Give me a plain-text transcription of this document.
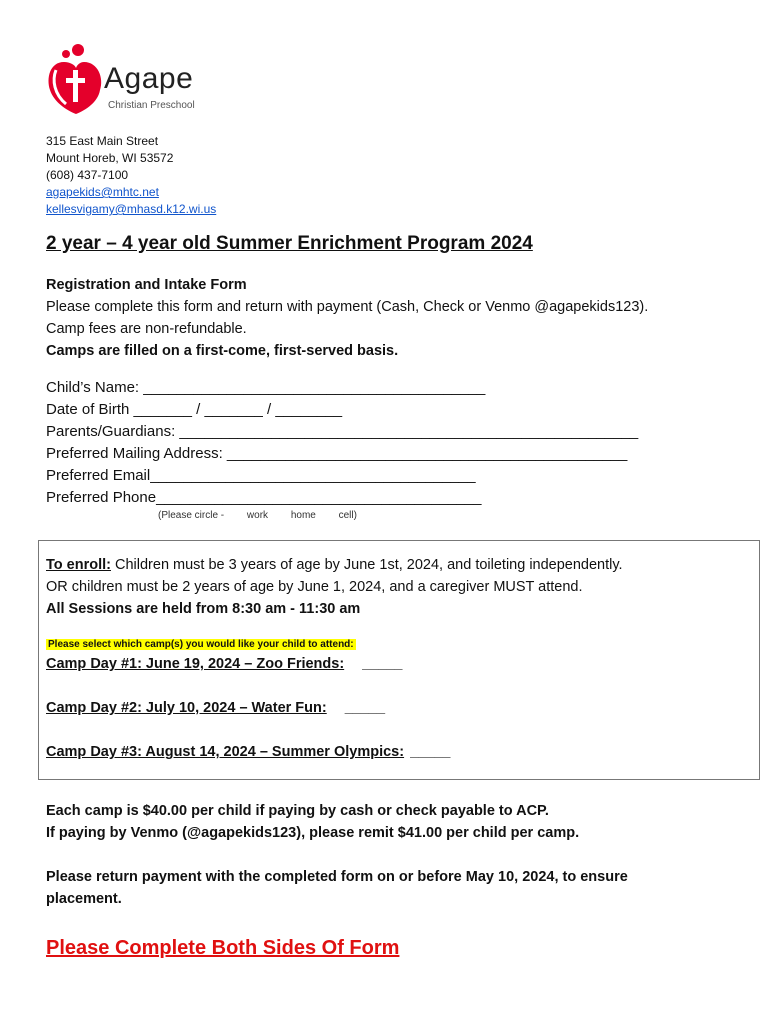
Agape
Christian Preschool
315 East Main Street
Mount Horeb, WI 53572
(608) 437-7100
agapekids@mhtc.net
kellesvigamy@mhasd.k12.wi.us
2 year – 4 year old Summer Enrichment Program 2024
Registration and Intake Form
Please complete this form and return with payment (Cash, Check or Venmo @agapekids123).
Camp fees are non-refundable.
Camps are filled on a first-come, first-served basis.
Child’s Name: _________________________________________
Date of Birth _______ / _______ / ________
Parents/Guardians: _______________________________________________________
Preferred Mailing Address: ________________________________________________
Preferred Email_______________________________________
Preferred Phone_______________________________________
(Please circle - work home cell)
To enroll: Children must be 3 years of age by June 1st, 2024, and toileting independently.
OR children must be 2 years of age by June 1, 2024, and a caregiver MUST attend.
All Sessions are held from 8:30 am - 11:30 am
Please select which camp(s) you would like your child to attend:
Camp Day #1: June 19, 2024 – Zoo Friends: _____
Camp Day #2: July 10, 2024 – Water Fun: _____
Camp Day #3: August 14, 2024 – Summer Olympics: _____
Each camp is $40.00 per child if paying by cash or check payable to ACP.
If paying by Venmo (@agapekids123), please remit $41.00 per child per camp.
Please return payment with the completed form on or before May 10, 2024, to ensure placement.
Please Complete Both Sides Of Form
